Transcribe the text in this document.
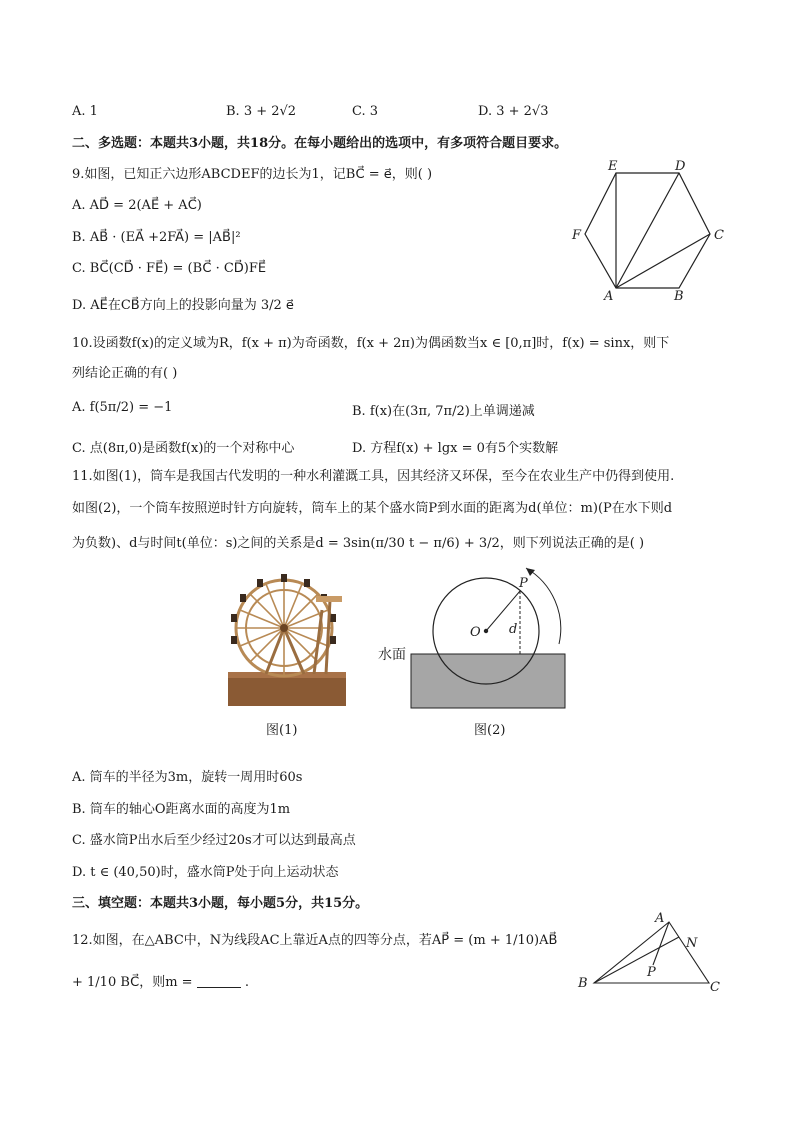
A. 1	B. 3 + 2√2	C. 3	D. 3 + 2√3
二、多选题：本题共3小题，共18分。在每小题给出的选项中，有多项符合题目要求。
9.如图，已知正六边形ABCDEF的边长为1，记BC⃗ = e⃗，则( )
A. AD⃗ = 2(AE⃗ + AC⃗)
B. AB⃗ · (EA⃗ +2FA⃗) = |AB⃗|²
C. BC⃗(CD⃗ · FE⃗) = (BC⃗ · CD⃗)FE⃗
D. AE⃗在CB⃗方向上的投影向量为 3/2 e⃗
E	D
C
F
A	B
10.设函数f(x)的定义域为R，f(x + π)为奇函数，f(x + 2π)为偶函数当x ∈ [0,π]时，f(x) = sinx，则下
列结论正确的有( )
A. f(5π/2) = −1	B. f(x)在(3π, 7π/2)上单调递减
C. 点(8π,0)是函数f(x)的一个对称中心	D. 方程f(x) + lgx = 0有5个实数解
11.如图(1)，筒车是我国古代发明的一种水利灌溉工具，因其经济又环保，至今在农业生产中仍得到使用.
如图(2)，一个筒车按照逆时针方向旋转，筒车上的某个盛水筒P到水面的距离为d(单位：m)(P在水下则d
为负数)、d与时间t(单位：s)之间的关系是d = 3sin(π/30 t − π/6) + 3/2，则下列说法正确的是( )
图(1)
O
P
d
水面
图(2)
A. 筒车的半径为3m，旋转一周用时60s
B. 筒车的轴心O距离水面的高度为1m
C. 盛水筒P出水后至少经过20s才可以达到最高点
D. t ∈ (40,50)时，盛水筒P处于向上运动状态
三、填空题：本题共3小题，每小题5分，共15分。
12.如图，在△ABC中，N为线段AC上靠近A点的四等分点，若AP⃗ = (m + 1/10)AB⃗
+ 1/10 BC⃗，则m =	.
A
N
P
B	C
